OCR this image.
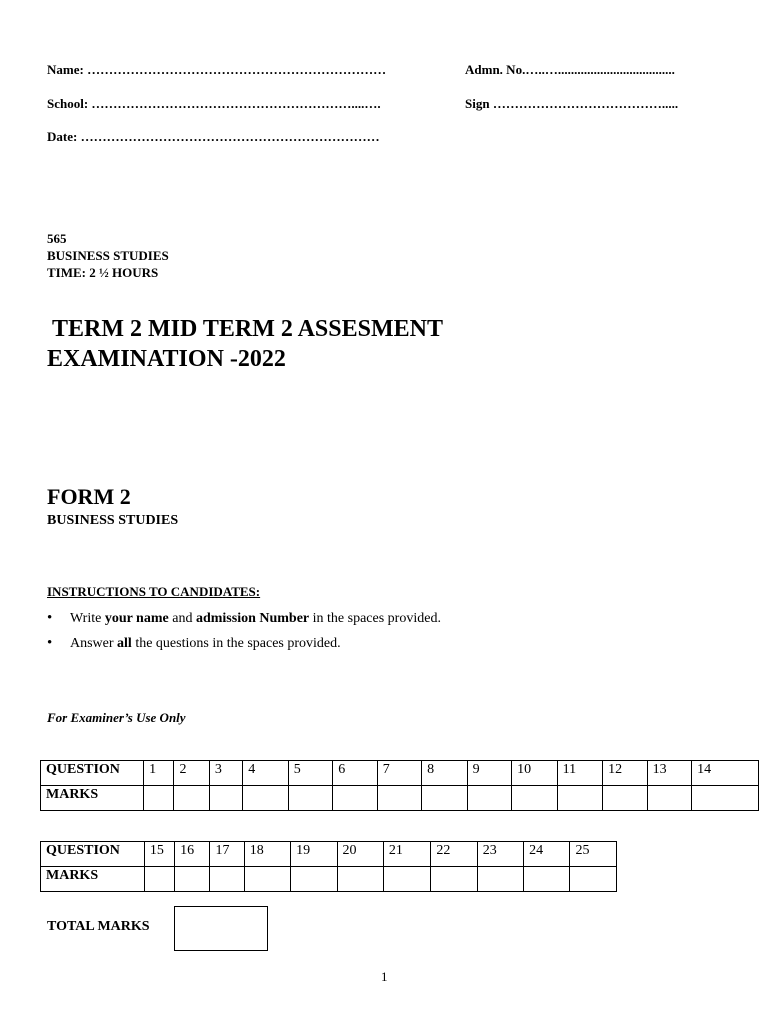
Name: ……………………………………………………………	Admn. No.…..…....................................
School: ……………………………………………………....….	Sign ………………………………….....
Date: ……………………………………………………………
565
BUSINESS STUDIES
TIME: 2 ½ HOURS
TERM 2 MID TERM 2 ASSESMENT
EXAMINATION -2022
FORM 2
BUSINESS STUDIES
INSTRUCTIONS TO CANDIDATES:
• Write your name and admission Number in the spaces provided.
• Answer all the questions in the spaces provided.
For Examiner’s Use Only
QUESTION	1	2	3	4	5	6	7	8	9	10	11	12	13	14
MARKS														
QUESTION	15	16	17	18	19	20	21	22	23	24	25
MARKS											
TOTAL MARKS
1
